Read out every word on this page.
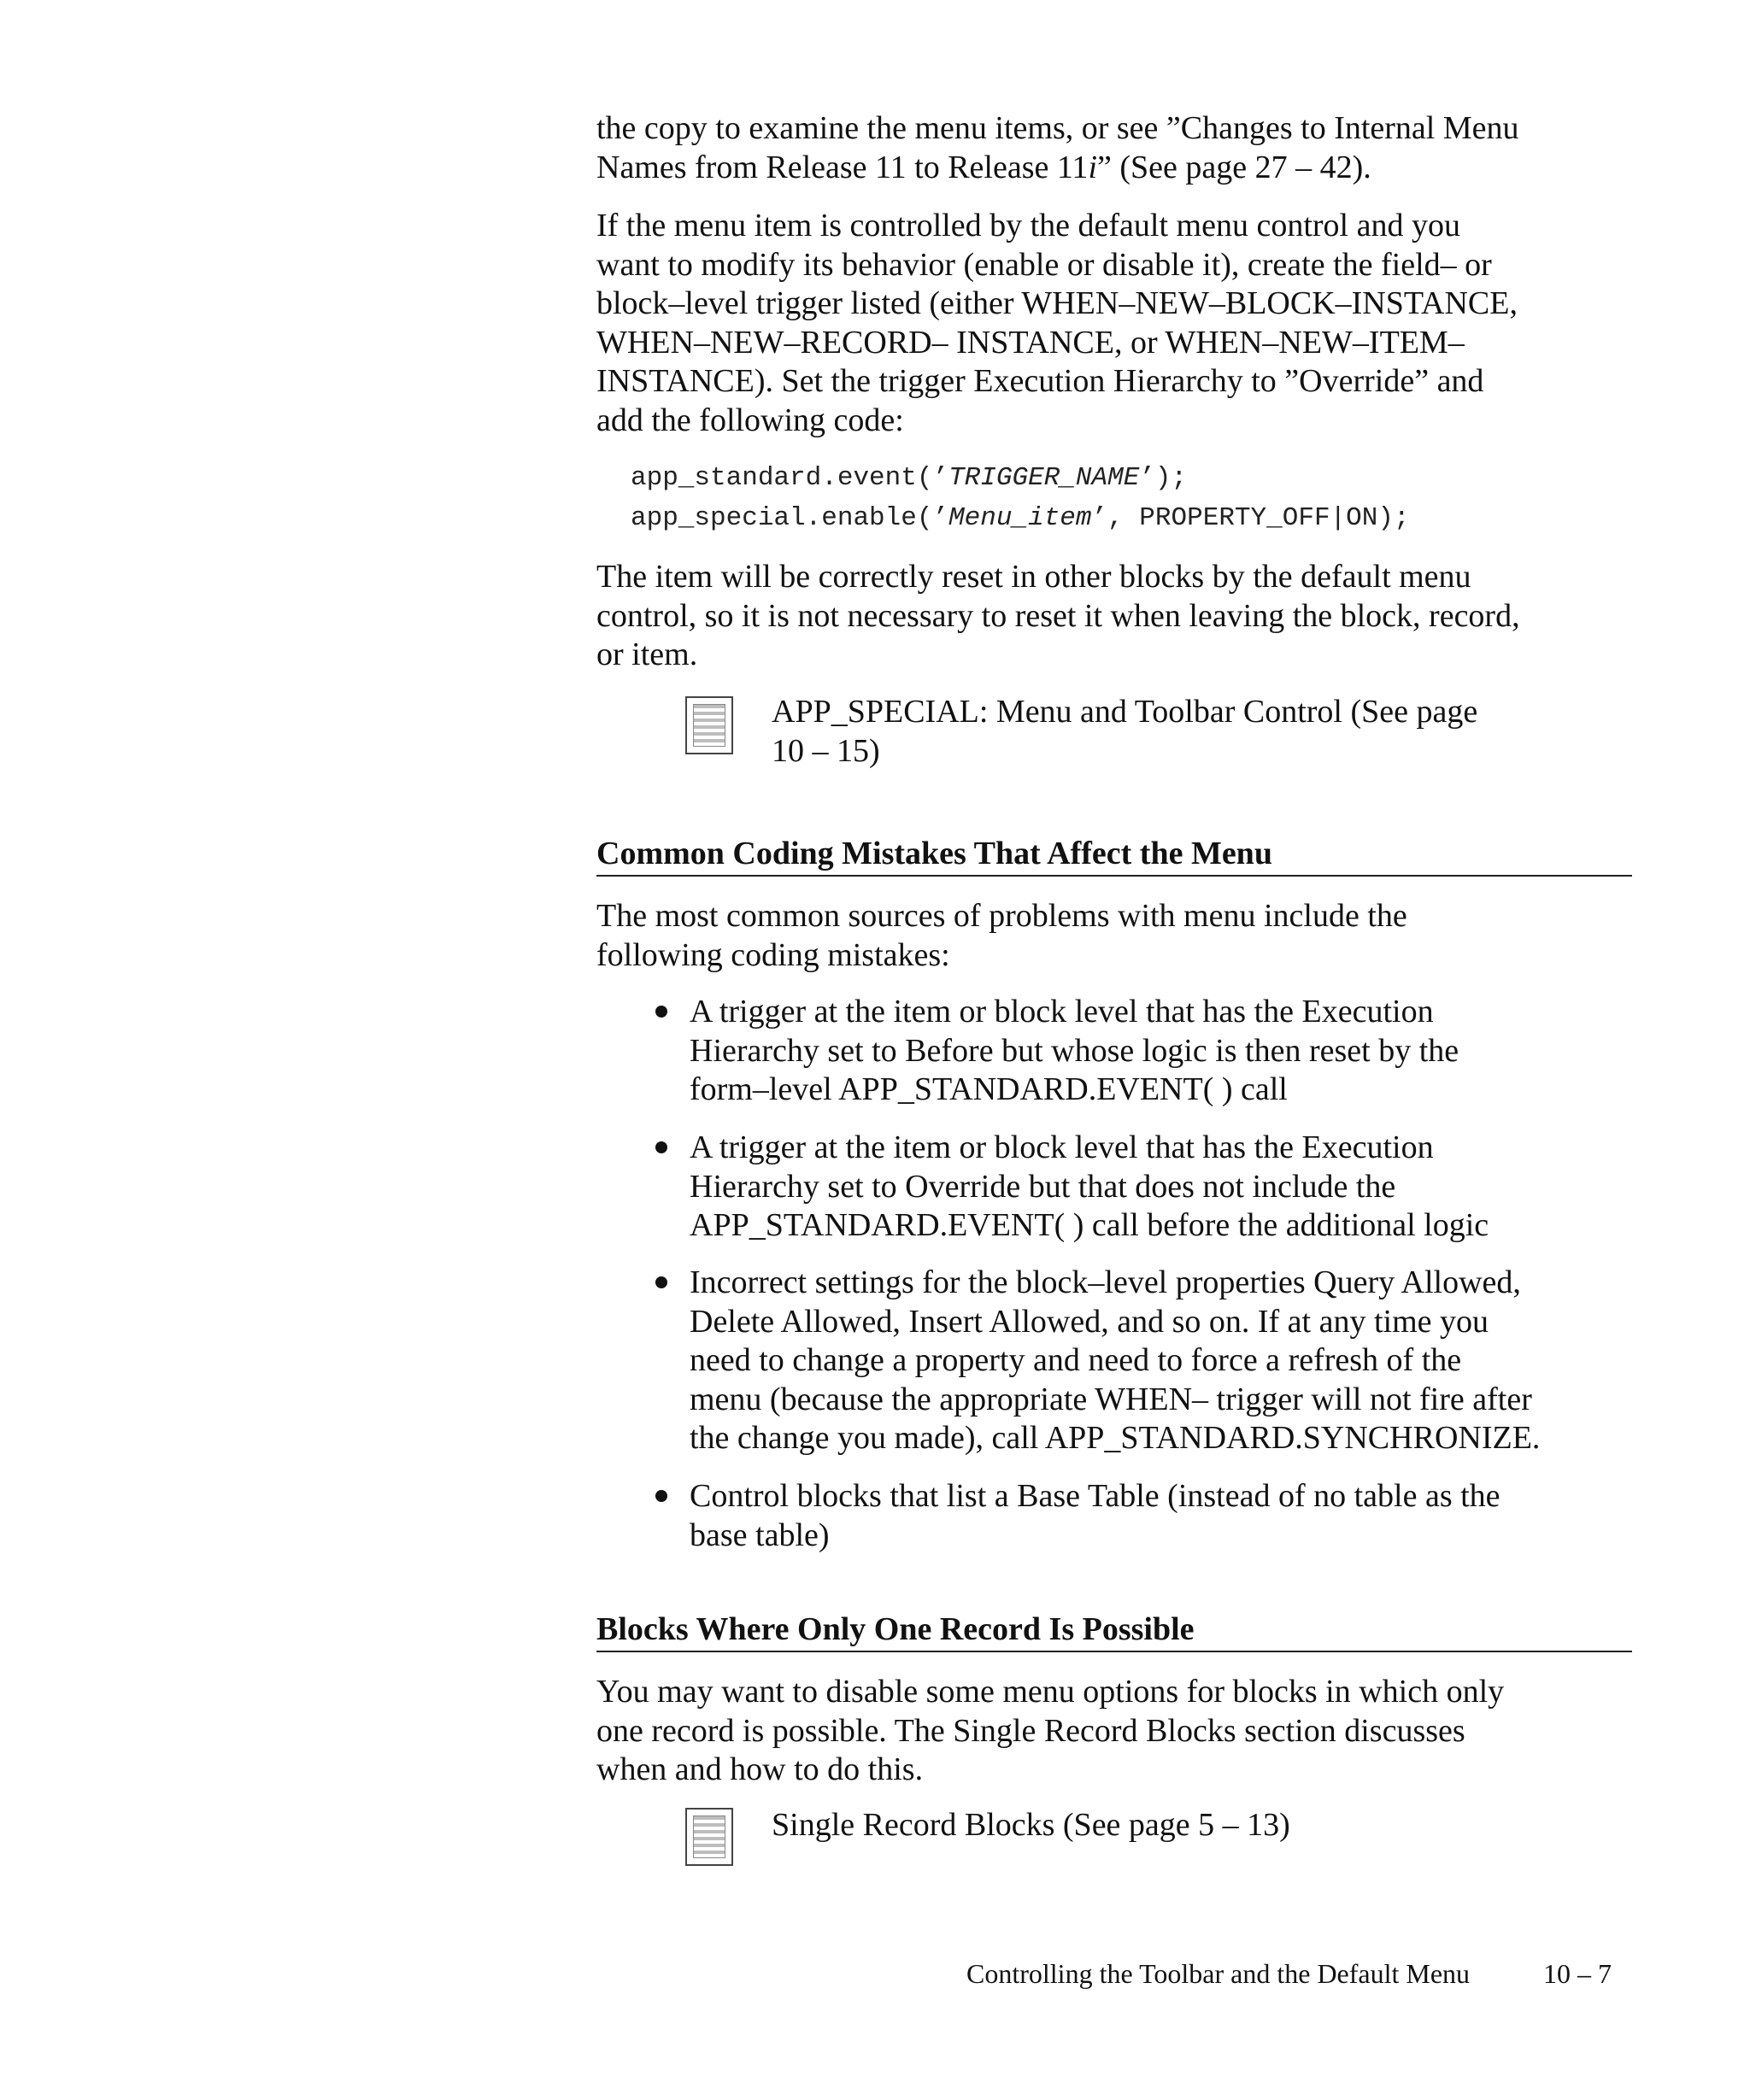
the copy to examine the menu items, or see ”Changes to Internal Menu

Names from Release 11 to Release 11i” (See page 27 – 42).

If the menu item is controlled by the default menu control and you

want to modify its behavior (enable or disable it), create the field– or

block–level trigger listed (either WHEN–NEW–BLOCK–INSTANCE,

WHEN–NEW–RECORD– INSTANCE, or WHEN–NEW–ITEM–

INSTANCE). Set the trigger Execution Hierarchy to ”Override” and

add the following code:

app_standard.event(’TRIGGER_NAME’);
app_special.enable(’Menu_item’, PROPERTY_OFF|ON);

The item will be correctly reset in other blocks by the default menu

control, so it is not necessary to reset it when leaving the block, record,

or item.

APP_SPECIAL: Menu and Toolbar Control (See page
10 – 15)
Common Coding Mistakes That Affect the Menu

The most common sources of problems with menu include the

following coding mistakes:

A trigger at the item or block level that has the Execution
Hierarchy set to Before but whose logic is then reset by the
form–level APP_STANDARD.EVENT( ) call
A trigger at the item or block level that has the Execution
Hierarchy set to Override but that does not include the
APP_STANDARD.EVENT( ) call before the additional logic
Incorrect settings for the block–level properties Query Allowed,
Delete Allowed, Insert Allowed, and so on. If at any time you
need to change a property and need to force a refresh of the
menu (because the appropriate WHEN– trigger will not fire after
the change you made), call APP_STANDARD.SYNCHRONIZE.
Control blocks that list a Base Table (instead of no table as the
base table)
Blocks Where Only One Record Is Possible

You may want to disable some menu options for blocks in which only

one record is possible. The Single Record Blocks section discusses

when and how to do this.

Single Record Blocks (See page 5 – 13)
Controlling the Toolbar and the Default Menu	10 – 7
